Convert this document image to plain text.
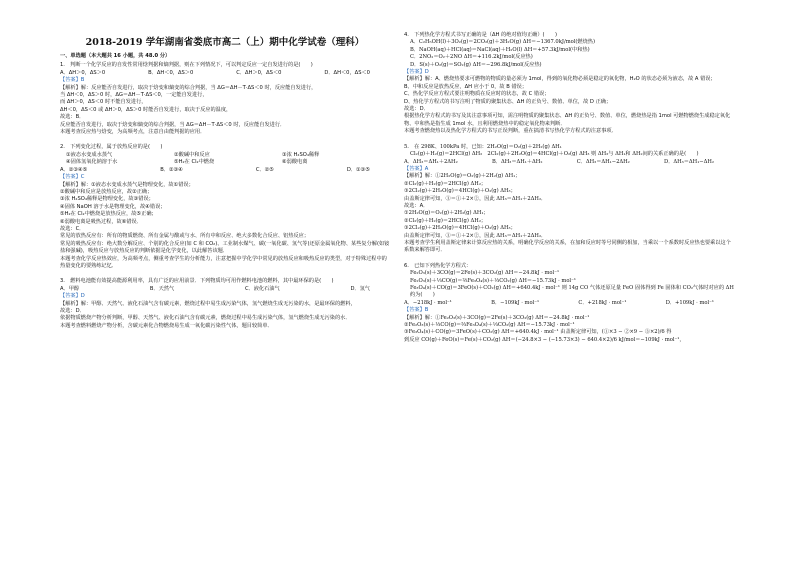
2018-2019 学年湖南省娄底市高二（上）期中化学试卷（理科）
一、单选题（本大题共 16 小题，共 48.0 分）

1.　判断一个化学反应的自发性常用焓判据和熵判据，则在下列情况下，可以判定反应一定自发进行的是(　　)

A．ΔH＞0，ΔS＞0	B．ΔH＜0，ΔS＞0	C．ΔH＞0，ΔS＜0	D．ΔH＜0，ΔS＜0

【答案】B

【解析】解：反应能否自发进行，取决于焓变和熵变的综合判据，当 ΔG＝ΔH－T·ΔS＜0 时，反应能自发进行，

当 ΔH＜0，ΔS＞0 时，ΔG＝ΔH－T·ΔS＜0，一定能自发进行，

而 ΔH＞0，ΔS＜0 时不能自发进行，

ΔH＜0，ΔS＜0 或 ΔH＞0，ΔS＞0 时能否自发进行，取决于反应的温度，

故选：B．

反应能否自发进行，取决于焓变和熵变的综合判据，当 ΔG＝ΔH－T·ΔS＜0 时，反应能自发进行．

本题考查反应热与焓变，为高频考点，注意自由能判据的应用．

2.　下列变化过程，属于放热反应的是(　　)

①液态水变成水蒸气	②酸碱中和反应	③浓 H₂SO₄稀释
④固体氢氧化钠溶于水	⑤H₂在 Cl₂中燃烧	⑥弱酸电离
A．②③④⑤	B．②③④	C．②⑤	D．①③⑤

【答案】C

【解析】解：①液态水变成水蒸气是物理变化，故①错误；

②酸碱中和反应是放热反应，故②正确；

③浓 H₂SO₄稀释是物理变化，故③错误；

④固体 NaOH 溶于水是物理变化，故④错误；

⑤H₂在 Cl₂中燃烧是放热反应，故⑤正确；

⑥弱酸电离是吸热过程，故⑥错误．

故选：C．

常见的放热反应有：所有的物质燃烧、所有金属与酸或与水、所有中和反应、绝大多数化合反应、铝热反应；

常见的吸热反应有：绝大数分解反应、个别的化合反应(如 C 和 CO₂)、工业制水煤气、碳(一氧化碳、氢气等)还原金属氧化物、某些复分解(如铵盐和强碱)，吸热反应与放热反应的判断依据是化学变化，以此解答该题．

本题考查化学反应热效应，为高频考点，侧重考查学生的分析能力，注意把握中学化学中常见的放热反应和吸热反应的类型，对于特殊过程中的热量变化的要熟练记忆．

3.　燃料电池能有效提高能源利用率，具有广泛的应用前景．下列物质均可用作燃料电池的燃料，其中最环保的是(　　)

A．甲醇	B．天然气	C．液化石油气	D．氢气

【答案】D

【解析】解：甲醇、天然气、液化石油气含有碳元素，燃烧过程中易生成污染气体，氢气燃烧生成无污染的水，是最环保的燃料，

故选：D．

依据物质燃烧产物分析判断，甲醇、天然气、液化石油气含有碳元素，燃烧过程中易生成污染气体，氢气燃烧生成无污染的水．

本题考查燃料燃烧产物分析，含碳元素化合物燃烧易生成一氧化碳污染性气体，题目较简单．

4.　下列热化学方程式书写正确的是（ΔH 的绝对值均正确）(　　)

A．C₂H₅OH(l)＋3O₂(g)＝2CO₂(g)＋3H₂O(g) ΔH＝−1367.0kJ/mol(燃烧热)

B．NaOH(aq)＋HCl(aq)＝NaCl(aq)＋H₂O(l) ΔH＝+57.3kJ/mol(中和热)

C．2NO₂＝O₂＋2NO ΔH＝+116.2kJ/mol(反应热)

D．S(s)＋O₂(g)＝SO₂(g) ΔH＝−296.8kJ/mol(反应热)

【答案】D

【解析】解：A、燃烧热要求可燃物的物质的量必须为 1mol，得到的氧化物必须是稳定的氧化物，H₂O 的状态必须为液态，故 A 错误；

B、中和反应是放热反应，ΔH 应小于 0，故 B 错误；

C、热化学反应方程式要注明物质在反应时的状态，故 C 错误；

D、热化学方程式的书写注明了物质的聚集状态、ΔH 的正负号、数值、单位，故 D 正确；

故选：D．

根据热化学方程式的书写及其注意事项可知，需注明物质的聚集状态、ΔH 的正负号、数值、单位，燃烧热是指 1mol 可燃物燃烧生成稳定氧化物、中和热是指生成 1mol 水，且利用燃烧热中的稳定氧化物来判断．

本题考查燃烧热以及热化学方程式的书写正误判断，重在搞清书写热化学方程式的注意事项．

5.　在 298K、100kPa 时，已知：2H₂O(g)＝O₂(g)＋2H₂(g) ΔH₁

Cl₂(g)＋H₂(g)＝2HCl(g) ΔH₂　2Cl₂(g)＋2H₂O(g)＝4HCl(g)＋O₂(g) ΔH₃ 则 ΔH₃与 ΔH₁和 ΔH₂间的关系正确的是(　　)

A．ΔH₃＝ΔH₁＋2ΔH₂	B．ΔH₃＝ΔH₁＋ΔH₂	C．ΔH₃＝ΔH₁−2ΔH₂	D．ΔH₃＝ΔH₁−ΔH₂

【答案】A

【解析】解：①2H₂O(g)＝O₂(g)＋2H₂(g) ΔH₁；

②Cl₂(g)＋H₂(g)＝2HCl(g) ΔH₂；

③2Cl₂(g)＋2H₂O(g)＝4HCl(g)＋O₂(g) ΔH₃；

由盖斯定律可知，③＝①＋2×②，因此 ΔH₃＝ΔH₁＋2ΔH₂．

故选：A．

①2H₂O(g)＝O₂(g)＋2H₂(g) ΔH₁；

②Cl₂(g)＋H₂(g)＝2HCl(g) ΔH₂；

③2Cl₂(g)＋2H₂O(g)＝4HCl(g)＋O₂(g) ΔH₃；

由盖斯定律可知，③＝①＋2×②，因此 ΔH₃＝ΔH₁＋2ΔH₂．

本题考查学生利用盖斯定律来计算反应热的关系，明确化学反应的关系，在加和反应时等号同侧的相加，当乘以一个系数时反应热也要乘以这个系数来解答即可．

6.　已知下列热化学方程式：

Fe₂O₃(s)＋3CO(g)＝2Fe(s)＋3CO₂(g) ΔH＝−24.8kJ · mol⁻¹

Fe₂O₃(s)＋⅓CO(g)＝⅔Fe₃O₄(s)＋⅓CO₂(g) ΔH＝−15.73kJ · mol⁻¹

Fe₃O₄(s)＋CO(g)＝3FeO(s)＋CO₂(g) ΔH＝+640.4kJ · mol⁻¹ 则 14g CO 气体还原足量 FeO 固体得到 Fe 固体和 CO₂气体时对应的 ΔH 约为(　　)

A．−218kJ · mol⁻¹	B．−109kJ · mol⁻¹	C．+218kJ · mol⁻¹	D．+109kJ · mol⁻¹

【答案】B

【解析】解：①Fe₂O₃(s)＋3CO(g)＝2Fe(s)＋3CO₂(g) ΔH＝−24.8kJ · mol⁻¹

②Fe₂O₃(s)＋⅓CO(g)＝⅔Fe₃O₄(s)＋⅓CO₂(g) ΔH＝−15.73kJ · mol⁻¹

③Fe₃O₄(s)＋CO(g)＝3FeO(s)＋CO₂(g) ΔH＝+640.4kJ · mol⁻¹ 由盖斯定律可知，(①×3 − ②×9 − ③×2)/6 得

到反应 CO(g)＋FeO(s)＝Fe(s)＋CO₂(g) ΔH＝(−24.8×3 − (−15.73×3) − 640.4×2)/6 kJ/mol＝−109kJ · mol⁻¹，
